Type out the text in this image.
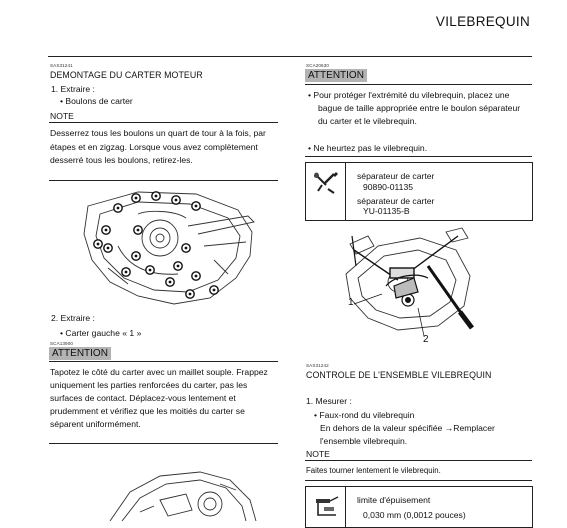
VILEBREQUIN
SAS31241
DEMONTAGE DU CARTER MOTEUR
1. Extraire :
• Boulons de carter
NOTE
Desserrez tous les boulons un quart de tour à la fois, par
étapes et en zigzag. Lorsque vous avez complètement
desserré tous les boulons, retirez-les.
2. Extraire :
• Carter gauche « 1 »
SCA13900
ATTENTION
Tapotez le côté du carter avec un maillet souple. Frappez
uniquement les parties renforcées du carter, pas les
surfaces de contact. Déplacez-vous lentement et
prudemment et vérifiez que les moitiés du carter se
séparent uniformément.
SCA20630
ATTENTION
• Pour protéger l'extrémité du vilebrequin, placez une
bague de taille appropriée entre le boulon séparateur
du carter et le vilebrequin.
• Ne heurtez pas le vilebrequin.
séparateur de carter
90890-01135
séparateur de carter
YU-01135-B
1
2
SAS31242
CONTROLE DE L'ENSEMBLE VILEBREQUIN
1. Mesurer :
• Faux-rond du vilebrequin
En dehors de la valeur spécifiée →Remplacer
l'ensemble vilebrequin.
NOTE
Faites tourner lentement le vilebrequin.
limite d'épuisement
0,030 mm (0,0012 pouces)
